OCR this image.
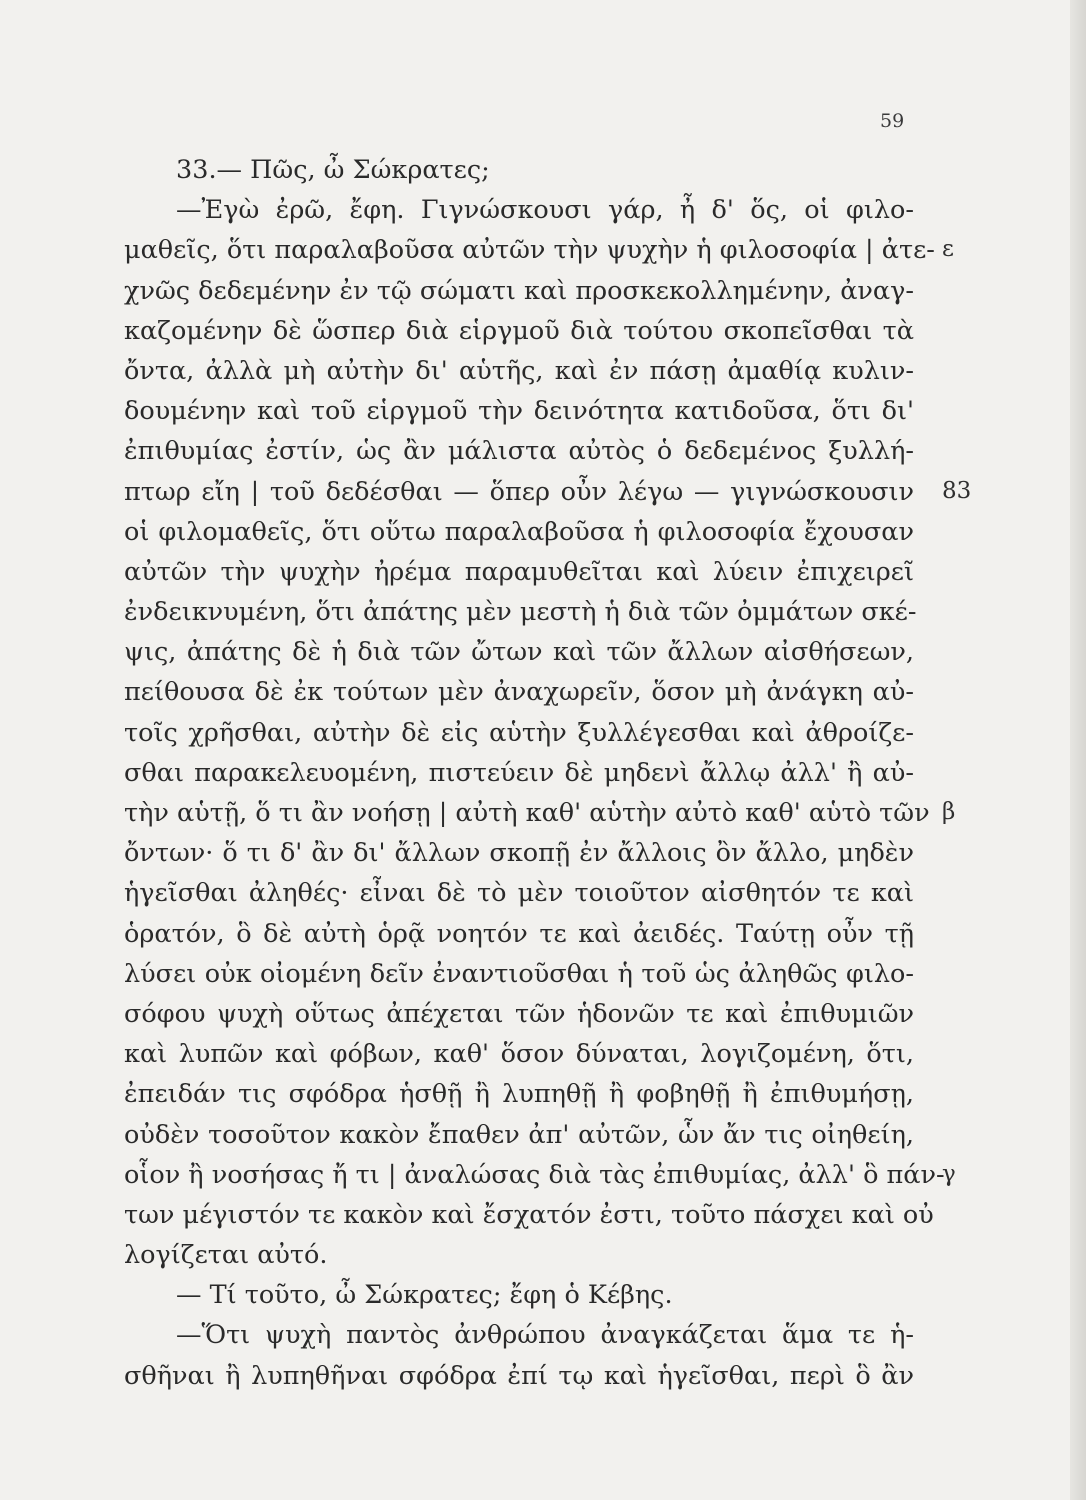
59
33.— Πῶς, ὦ Σώκρατες;
—Ἐγὼ ἐρῶ, ἔφη. Γιγνώσκουσι γάρ, ἦ δ' ὅς, οἱ φιλο-
μαθεῖς, ὅτι παραλαβοῦσα αὐτῶν τὴν ψυχὴν ἡ φιλοσοφία | ἀτε-
χνῶς δεδεμένην ἐν τῷ σώματι καὶ προσκεκολλημένην, ἀναγ-
καζομένην δὲ ὥσπερ διὰ εἱργμοῦ διὰ τούτου σκοπεῖσθαι τὰ
ὄντα, ἀλλὰ μὴ αὐτὴν δι' αὑτῆς, καὶ ἐν πάσῃ ἀμαθίᾳ κυλιν-
δουμένην καὶ τοῦ εἱργμοῦ τὴν δεινότητα κατιδοῦσα, ὅτι δι'
ἐπιθυμίας ἐστίν, ὡς ἂν μάλιστα αὐτὸς ὁ δεδεμένος ξυλλή-
πτωρ εἴη | τοῦ δεδέσθαι — ὅπερ οὖν λέγω — γιγνώσκουσιν
οἱ φιλομαθεῖς, ὅτι οὕτω παραλαβοῦσα ἡ φιλοσοφία ἔχουσαν
αὐτῶν τὴν ψυχὴν ἠρέμα παραμυθεῖται καὶ λύειν ἐπιχειρεῖ
ἐνδεικνυμένη, ὅτι ἀπάτης μὲν μεστὴ ἡ διὰ τῶν ὀμμάτων σκέ-
ψις, ἀπάτης δὲ ἡ διὰ τῶν ὤτων καὶ τῶν ἄλλων αἰσθήσεων,
πείθουσα δὲ ἐκ τούτων μὲν ἀναχωρεῖν, ὅσον μὴ ἀνάγκη αὐ-
τοῖς χρῆσθαι, αὐτὴν δὲ εἰς αὑτὴν ξυλλέγεσθαι καὶ ἀθροίζε-
σθαι παρακελευομένη, πιστεύειν δὲ μηδενὶ ἄλλῳ ἀλλ' ἢ αὐ-
τὴν αὑτῇ, ὅ τι ἂν νοήσῃ | αὐτὴ καθ' αὑτὴν αὐτὸ καθ' αὑτὸ τῶν
ὄντων· ὅ τι δ' ἂν δι' ἄλλων σκοπῇ ἐν ἄλλοις ὂν ἄλλο, μηδὲν
ἡγεῖσθαι ἀληθές· εἶναι δὲ τὸ μὲν τοιοῦτον αἰσθητόν τε καὶ
ὁρατόν, ὃ δὲ αὐτὴ ὁρᾷ νοητόν τε καὶ ἀειδές. Ταύτῃ οὖν τῇ
λύσει οὐκ οἰομένη δεῖν ἐναντιοῦσθαι ἡ τοῦ ὡς ἀληθῶς φιλο-
σόφου ψυχὴ οὕτως ἀπέχεται τῶν ἡδονῶν τε καὶ ἐπιθυμιῶν
καὶ λυπῶν καὶ φόβων, καθ' ὅσον δύναται, λογιζομένη, ὅτι,
ἐπειδάν τις σφόδρα ἡσθῇ ἢ λυπηθῇ ἢ φοβηθῇ ἢ ἐπιθυμήσῃ,
οὐδὲν τοσοῦτον κακὸν ἔπαθεν ἀπ' αὐτῶν, ὧν ἄν τις οἰηθείη,
οἷον ἢ νοσήσας ἤ τι | ἀναλώσας διὰ τὰς ἐπιθυμίας, ἀλλ' ὃ πάν-
των μέγιστόν τε κακὸν καὶ ἔσχατόν ἐστι, τοῦτο πάσχει καὶ οὐ
λογίζεται αὐτό.
— Τί τοῦτο, ὦ Σώκρατες; ἔφη ὁ Κέβης.
—Ὅτι ψυχὴ παντὸς ἀνθρώπου ἀναγκάζεται ἅμα τε ἡ-
σθῆναι ἢ λυπηθῆναι σφόδρα ἐπί τῳ καὶ ἡγεῖσθαι, περὶ ὃ ἂν
ε
83
β
γ
